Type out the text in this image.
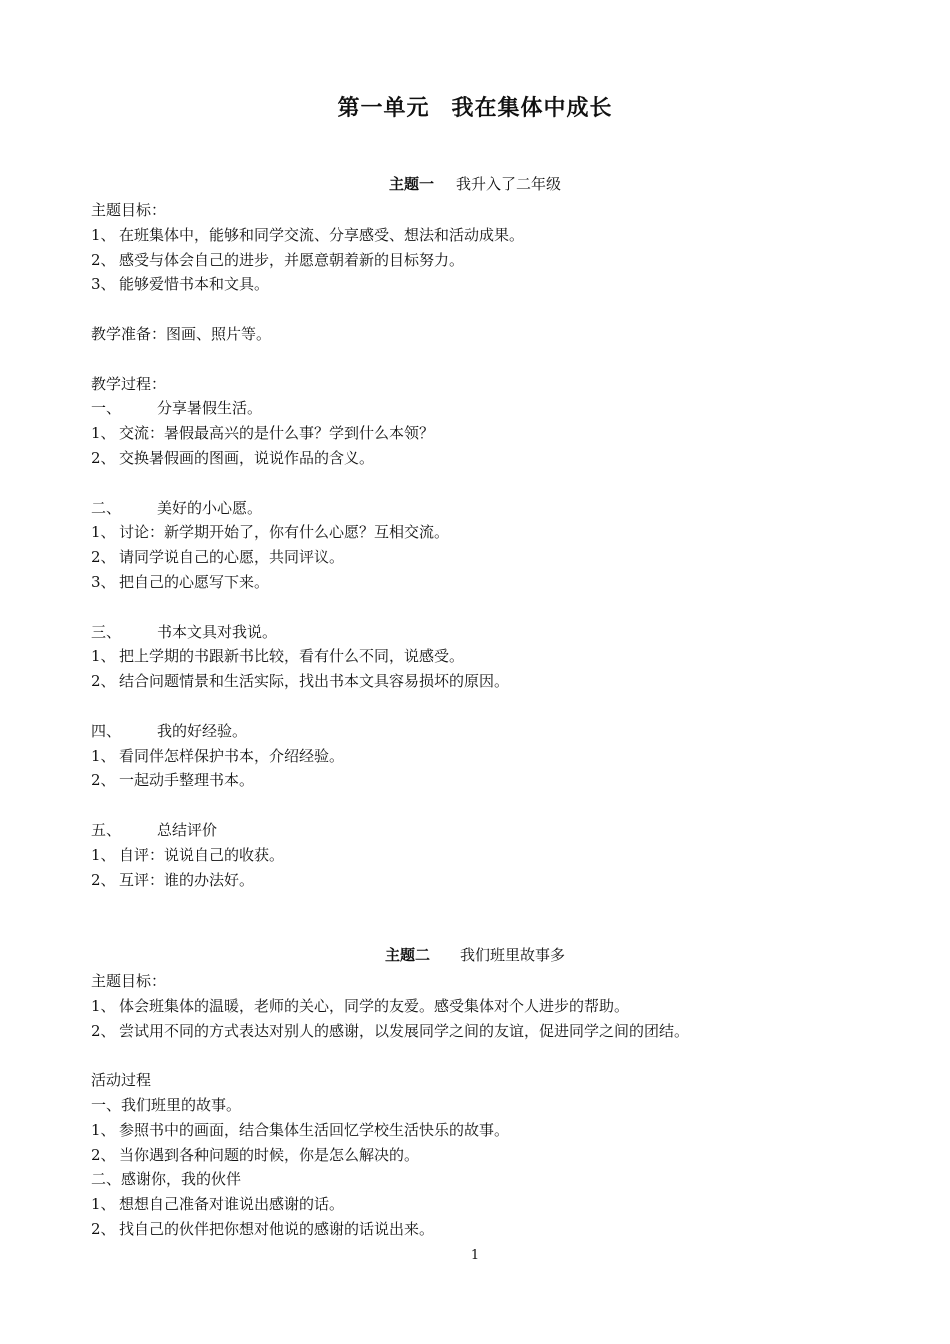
第一单元 我在集体中成长
主题一 我升入了二年级
主题目标：
1、 在班集体中，能够和同学交流、分享感受、想法和活动成果。
2、 感受与体会自己的进步，并愿意朝着新的目标努力。
3、 能够爱惜书本和文具。
教学准备：图画、照片等。
教学过程：
一、 分享暑假生活。
1、 交流：暑假最高兴的是什么事？学到什么本领？
2、 交换暑假画的图画，说说作品的含义。
二、 美好的小心愿。
1、 讨论：新学期开始了，你有什么心愿？互相交流。
2、 请同学说自己的心愿，共同评议。
3、 把自己的心愿写下来。
三、 书本文具对我说。
1、 把上学期的书跟新书比较，看有什么不同，说感受。
2、 结合问题情景和生活实际，找出书本文具容易损坏的原因。
四、 我的好经验。
1、 看同伴怎样保护书本，介绍经验。
2、 一起动手整理书本。
五、 总结评价
1、 自评：说说自己的收获。
2、 互评：谁的办法好。
主题二 我们班里故事多
主题目标：
1、 体会班集体的温暖，老师的关心，同学的友爱。感受集体对个人进步的帮助。
2、 尝试用不同的方式表达对别人的感谢，以发展同学之间的友谊，促进同学之间的团结。
活动过程
一、我们班里的故事。
1、 参照书中的画面，结合集体生活回忆学校生活快乐的故事。
2、 当你遇到各种问题的时候，你是怎么解决的。
二、感谢你，我的伙伴
1、 想想自己准备对谁说出感谢的话。
2、 找自己的伙伴把你想对他说的感谢的话说出来。
1
